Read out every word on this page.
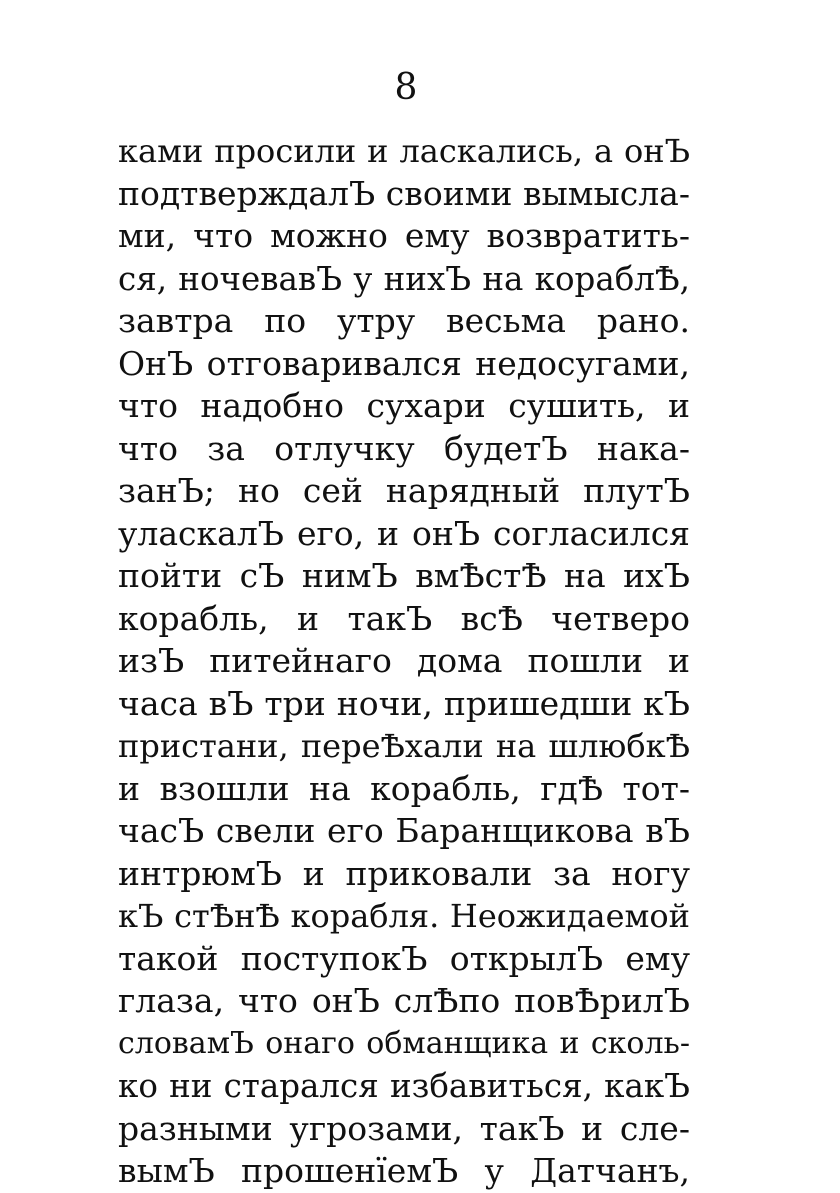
8
ками просили и ласкались, а онЪ
подтверждалЪ своими вымысла-
ми, что можно ему возвратить-
ся, ночевавЪ у нихЪ на кораблѢ,
завтра по утру весьма рано.
ОнЪ отговаривался недосугами,
что надобно сухари сушить, и
что за отлучку будетЪ нака-
занЪ; но сей нарядный плутЪ
уласкалЪ его, и онЪ согласился
пойти сЪ нимЪ вмѢстѢ на ихЪ
корабль, и такЪ всѢ четверо
изЪ питейнаго дома пошли и
часа вЪ три ночи, пришедши кЪ
пристани, переѢхали на шлюбкѢ
и взошли на корабль, гдѢ тот-
часЪ свели его Баранщикова вЪ
интрюмЪ и приковали за ногу
кЪ стѢнѢ корабля. Неожидаемой
такой поступокЪ открылЪ ему
глаза, что онЪ слѢпо повѢрилЪ
словамЪ онаго обманщика и сколь-
ко ни старался избавиться, какЪ
разными угрозами, такЪ и сле-
вымЪ прошенїемЪ у Датчанъ,
